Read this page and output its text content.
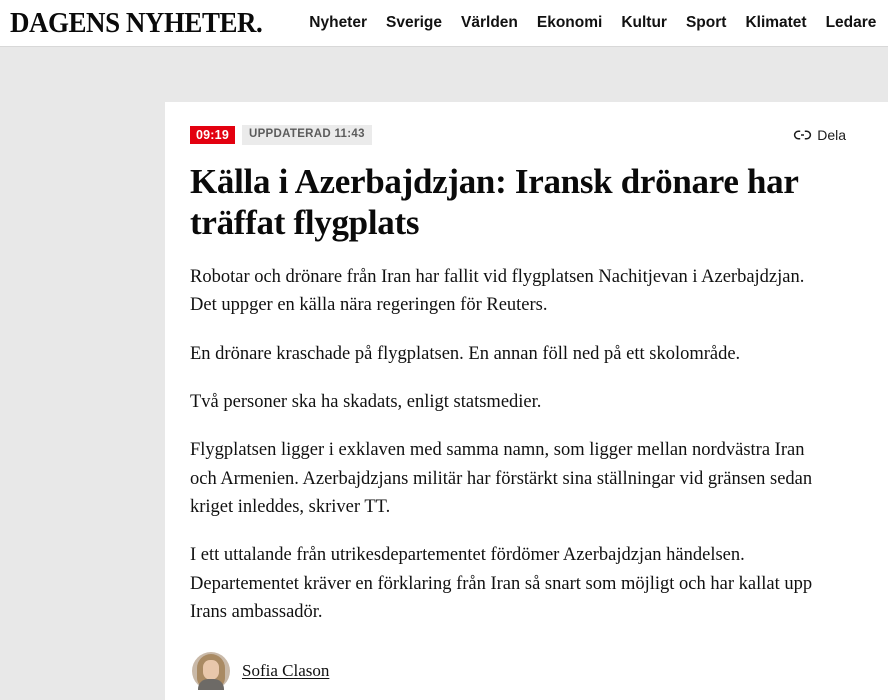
DAGENS NYHETER.	Nyheter Sverige Världen Ekonomi Kultur Sport Klimatet Ledare
09:19	UPPDATERAD 11:43	Dela
Källa i Azerbajdzjan: Iransk drönare har träffat flygplats

Robotar och drönare från Iran har fallit vid flygplatsen Nachitjevan i Azerbajdzjan. Det uppger en källa nära regeringen för Reuters.

En drönare kraschade på flygplatsen. En annan föll ned på ett skolområde.

Två personer ska ha skadats, enligt statsmedier.

Flygplatsen ligger i exklaven med samma namn, som ligger mellan nordvästra Iran och Armenien. Azerbajdzjans militär har förstärkt sina ställningar vid gränsen sedan kriget inleddes, skriver TT.

I ett uttalande från utrikesdepartementet fördömer Azerbajdzjan händelsen. Departementet kräver en förklaring från Iran så snart som möjligt och har kallat upp Irans ambassadör.

Sofia Clason
